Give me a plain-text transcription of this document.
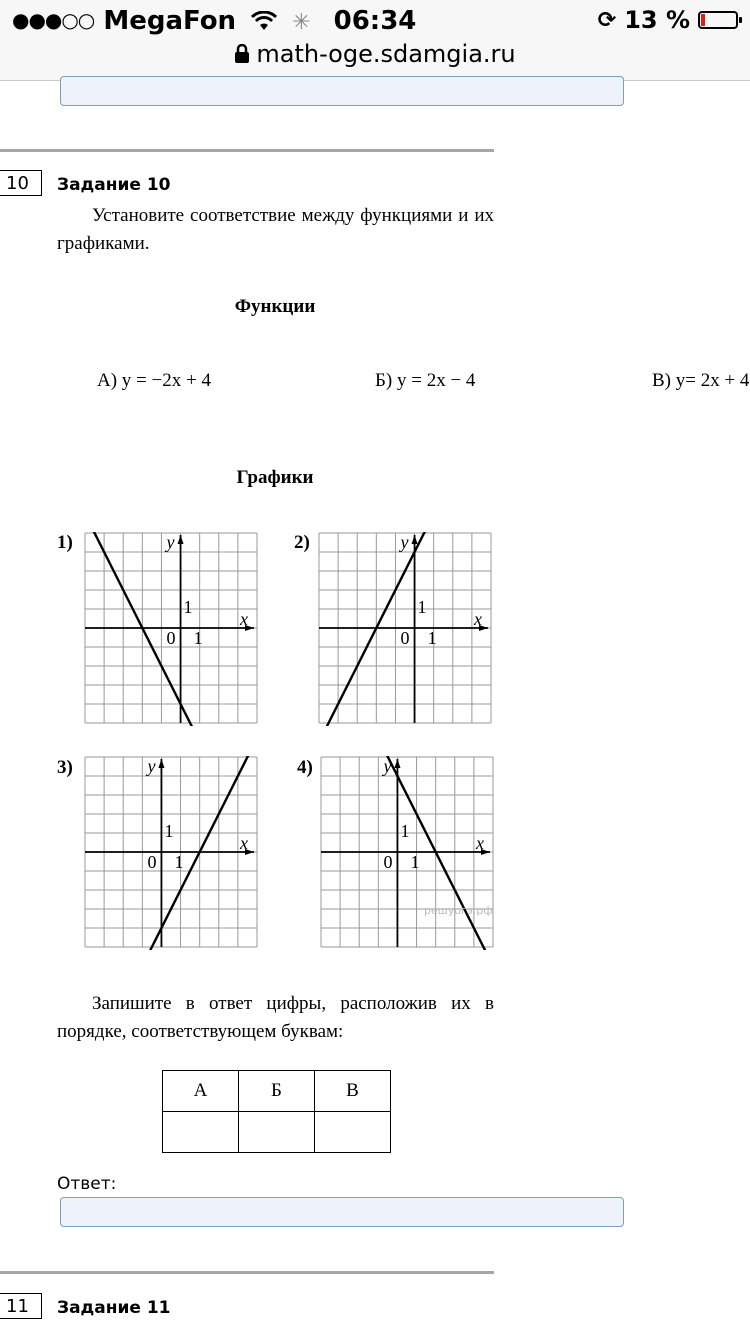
●●●○○ MegaFon	✳ 06:34	⟳ 13 %
math-oge.sdamgia.ru
10	Задание 10
Установите соответствие между функциями и их графиками.
Функции
А) y = −2x + 4	Б) y = 2x − 4	В) y= 2x + 4
Графики
1)	2)
3)	4)
x
y
0 1
1
x
y
0 1
1
x
y
0 1
1
x
y
0 1
1
решуогэ.рф
Запишите в ответ цифры, расположив их в порядке, соответствующем буквам:
А	Б	В

Ответ:
11	Задание 11
